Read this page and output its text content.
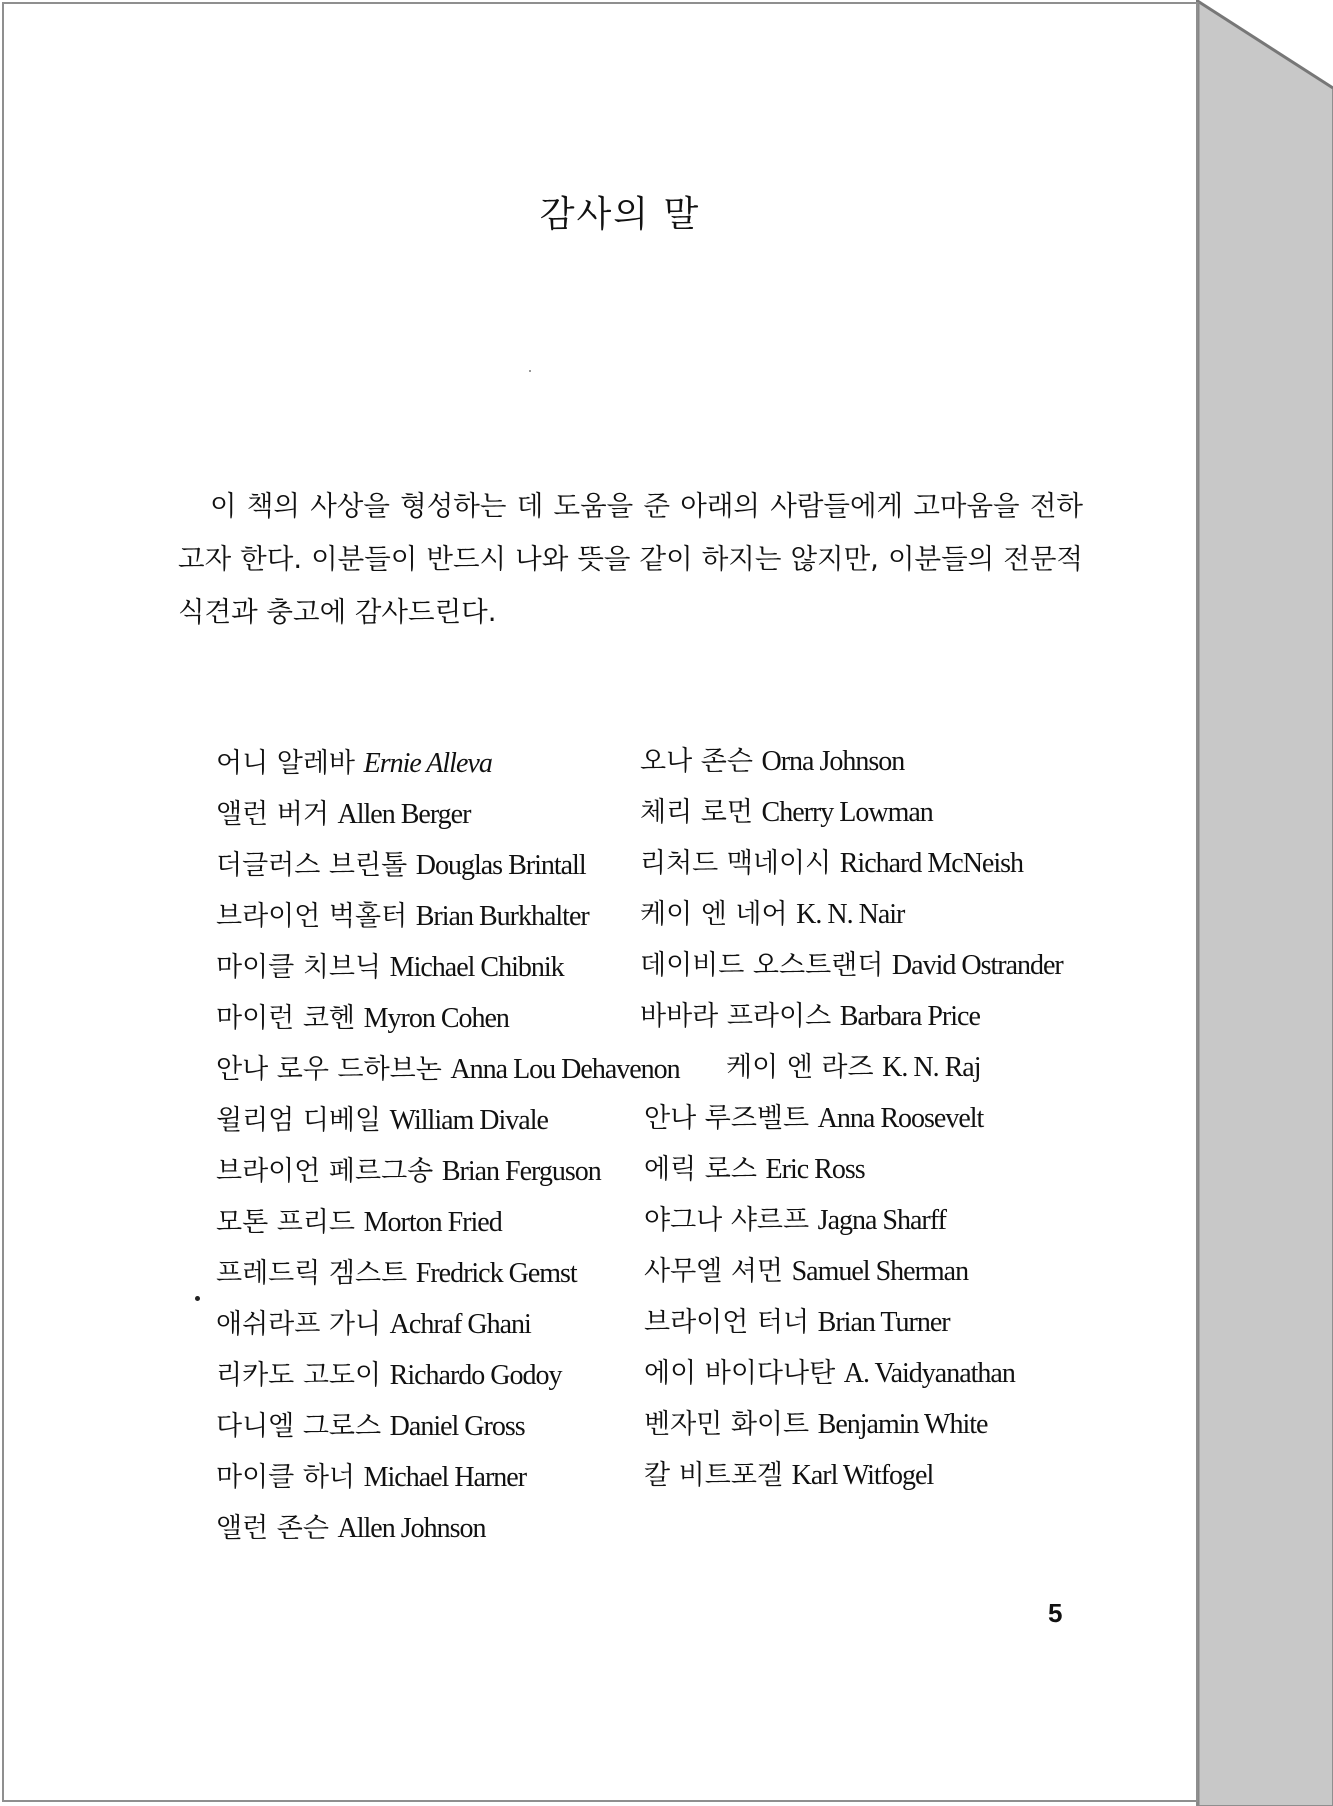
감사의 말

이 책의 사상을 형성하는 데 도움을 준 아래의 사람들에게 고마움을 전하고자 한다. 이분들이 반드시 나와 뜻을 같이 하지는 않지만, 이분들의 전문적 식견과 충고에 감사드린다.

어니 알레바 Ernie Alleva
앨런 버거 Allen Berger
더글러스 브린톨 Douglas Brintall
브라이언 벅홀터 Brian Burkhalter
마이클 치브닉 Michael Chibnik
마이런 코헨 Myron Cohen
안나 로우 드하브논 Anna Lou Dehavenon
윌리엄 디베일 William Divale
브라이언 페르그송 Brian Ferguson
모톤 프리드 Morton Fried
프레드릭 겜스트 Fredrick Gemst
애쉬라프 가니 Achraf Ghani
리카도 고도이 Richardo Godoy
다니엘 그로스 Daniel Gross
마이클 하너 Michael Harner
앨런 존슨 Allen Johnson
오나 존슨 Orna Johnson
체리 로먼 Cherry Lowman
리처드 맥네이시 Richard McNeish
케이 엔 네어 K. N. Nair
데이비드 오스트랜더 David Ostrander
바바라 프라이스 Barbara Price
케이 엔 라즈 K. N. Raj
안나 루즈벨트 Anna Roosevelt
에릭 로스 Eric Ross
야그나 샤르프 Jagna Sharff
사무엘 셔먼 Samuel Sherman
브라이언 터너 Brian Turner
에이 바이다나탄 A. Vaidyanathan
벤자민 화이트 Benjamin White
칼 비트포겔 Karl Witfogel
5
